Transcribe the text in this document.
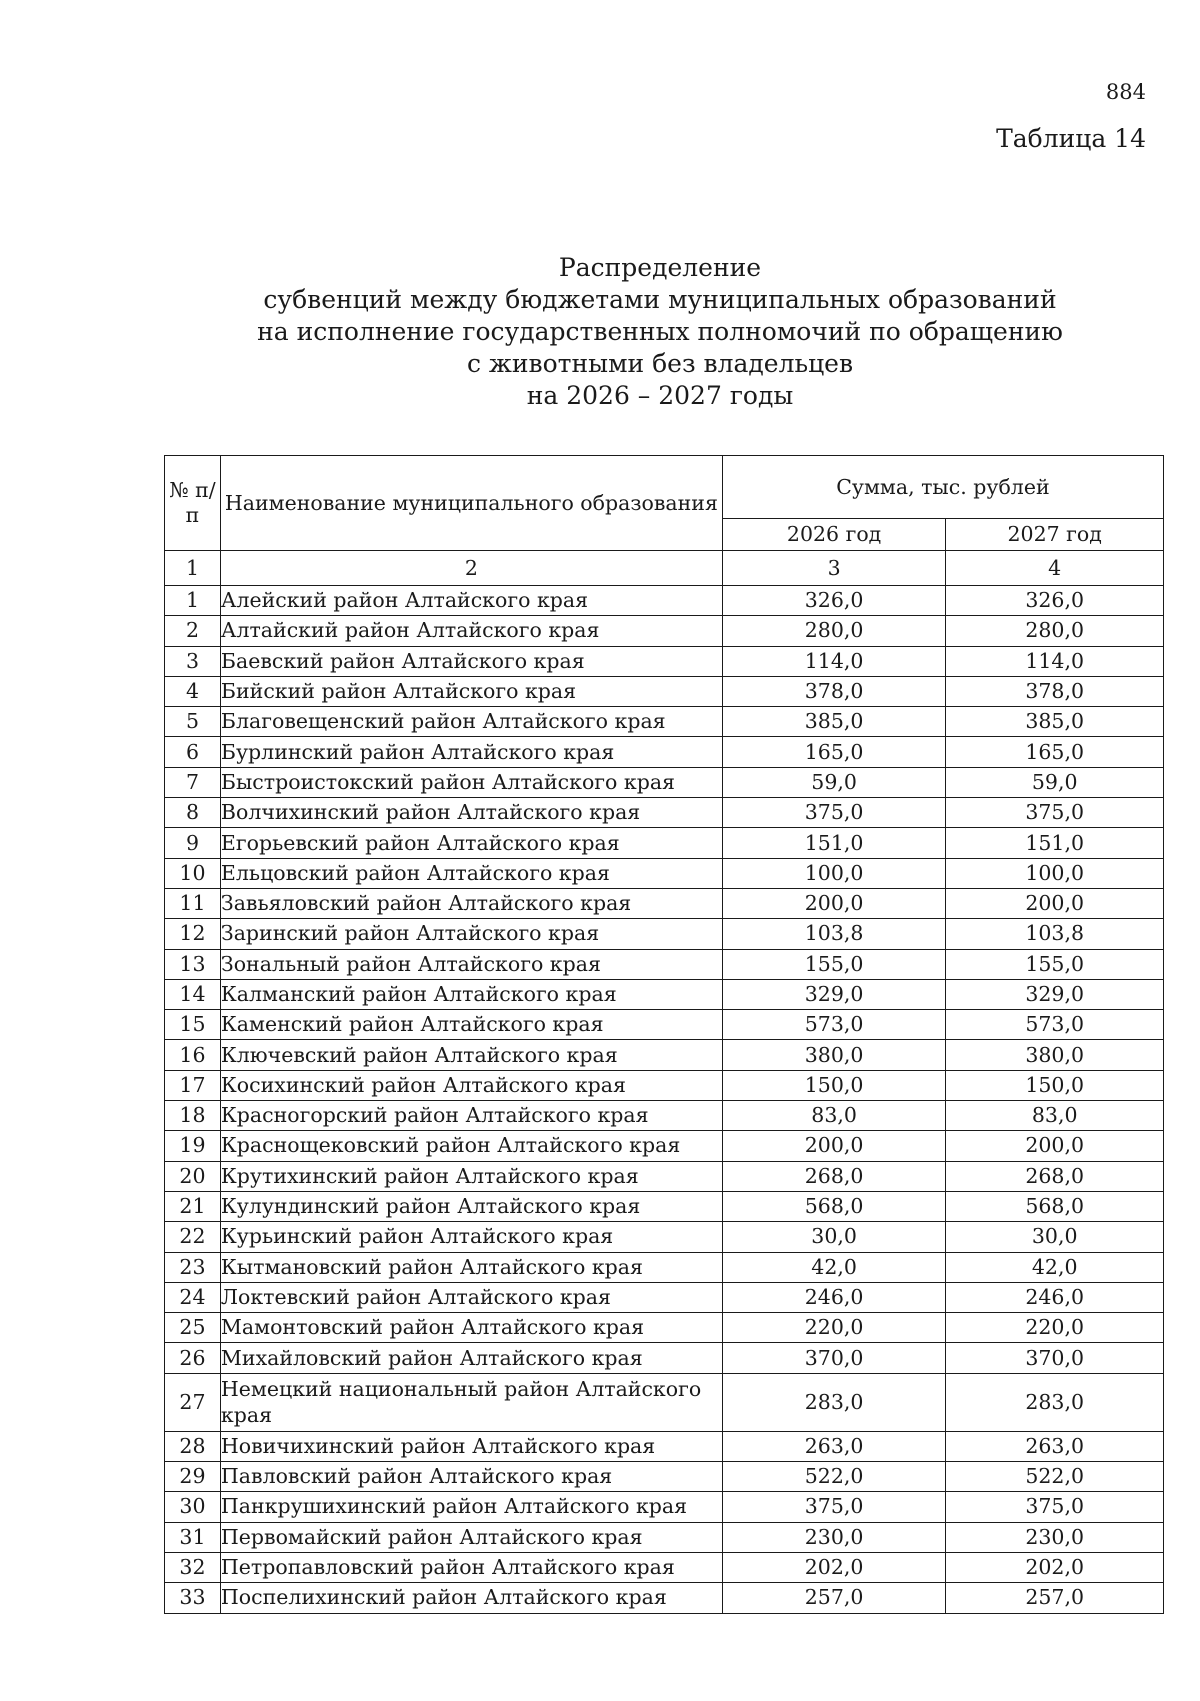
884
Таблица 14
Распределение
субвенций между бюджетами муниципальных образований
на исполнение государственных полномочий по обращению
с животными без владельцев
на 2026 – 2027 годы
№ п/п	Наименование муниципального образования	Сумма, тыс. рублей	
		2026 год	2027 год
1	2	3	4
1	Алейский район Алтайского края	326,0	326,0
2	Алтайский район Алтайского края	280,0	280,0
3	Баевский район Алтайского края	114,0	114,0
4	Бийский район Алтайского края	378,0	378,0
5	Благовещенский район Алтайского края	385,0	385,0
6	Бурлинский район Алтайского края	165,0	165,0
7	Быстроистокский район Алтайского края	59,0	59,0
8	Волчихинский район Алтайского края	375,0	375,0
9	Егорьевский район Алтайского края	151,0	151,0
10	Ельцовский район Алтайского края	100,0	100,0
11	Завьяловский район Алтайского края	200,0	200,0
12	Заринский район Алтайского края	103,8	103,8
13	Зональный район Алтайского края	155,0	155,0
14	Калманский район Алтайского края	329,0	329,0
15	Каменский район Алтайского края	573,0	573,0
16	Ключевский район Алтайского края	380,0	380,0
17	Косихинский район Алтайского края	150,0	150,0
18	Красногорский район Алтайского края	83,0	83,0
19	Краснощековский район Алтайского края	200,0	200,0
20	Крутихинский район Алтайского края	268,0	268,0
21	Кулундинский район Алтайского края	568,0	568,0
22	Курьинский район Алтайского края	30,0	30,0
23	Кытмановский район Алтайского края	42,0	42,0
24	Локтевский район Алтайского края	246,0	246,0
25	Мамонтовский район Алтайского края	220,0	220,0
26	Михайловский район Алтайского края	370,0	370,0
27	Немецкий национальный район Алтайского края	283,0	283,0
28	Новичихинский район Алтайского края	263,0	263,0
29	Павловский район Алтайского края	522,0	522,0
30	Панкрушихинский район Алтайского края	375,0	375,0
31	Первомайский район Алтайского края	230,0	230,0
32	Петропавловский район Алтайского края	202,0	202,0
33	Поспелихинский район Алтайского края	257,0	257,0
